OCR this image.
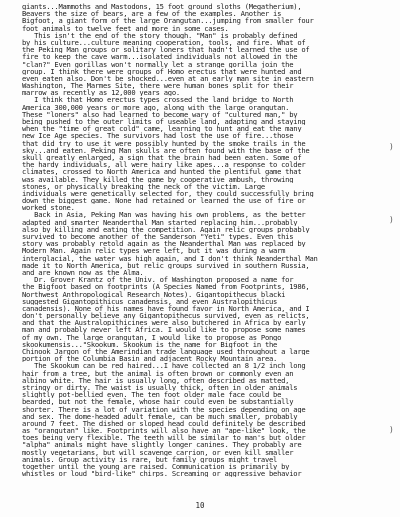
giants...Mammoths and Mastodons, 15 foot ground sloths (Megatherium),
Beavers the size of bears, are a few of the examples. Another is
Bigfoot, a giant form of the large Orangutan...jumping from smaller four
foot animals to twelve feet and more in some cases.
This isn't the end of the story though. "Man" is probably defined
by his culture...culture meaning cooperation, tools, and fire. What of
the Peking Man groups or solitary loners that hadn't learned the use of
fire to keep the cave warm...isolated individuals not allowed in the
"clan?" Even gorillas won't normally let a strange gorilla join the
group. I think there were groups of Homo erectus that were hunted and
even eaten also. Don't be shocked...even at an early man site in eastern
Washington, The Marmes Site, there were human bones split for their
marrow as recently as 12,000 years ago.
I think that Homo erectus types crossed the land bridge to North
America 300,000 years or more ago, along with the large orangutan.
These "loners" also had learned to become wary of "cultured man," by
being pushed to the outer limits of useable land, adapting and staying
when the "time of great cold" came, learning to hunt and eat the many
new Ice Age species. The survivors had lost the use of fire...those
that did try to use it were possibly hunted by the smoke trails in the
sky...and eaten. Peking Man skulls are often found with the base of the
skull greatly enlarged, a sign that the brain had been eaten. Some of
the hardy individuals, all were hairy like apes...a response to colder
climates, crossed to North America and hunted the plentiful game that
was available. They killed the game by cooperative ambush, throwing
stones, or physically breaking the neck of the victim. Large
individuals were genetically selected for, they could successfully bring
down the biggest game. None had retained or learned the use of fire or
worked stone.
Back in Asia, Peking Man was having his own problems, as the better
adapted and smarter Neanderthal Man started replacing him...probably
also by killing and eating the competition. Again relic groups probably
survived to become another of the Sanderson "Yeti" types. Even this
story was probably retold again as the Neanderthal Man was replaced by
Modern Man. Again relic types were left, but it was during a warm
interglacial, the water was high again, and I don't think Neanderthal Man
made it to North America, but relic groups survived in southern Russia,
and are known now as the Alma.
Dr. Grover Krantz of the Univ. of Washington proposed a name for
the Bigfoot based on footprints (A Species Named from Footprints, 1986,
Northwest Anthropological Research Notes). Gigantopithecus blacki
suggested Gigantopithicus canadensis, and even Australopithicus
canadensis). None of his names have found favor in North America, and I
don't personally believe any Gigantopithecus survived, even as relicts,
and that the Australopithicines were also butchered in Africa by early
man and probably never left Africa. I would like to propose some names
of my own. The large orangutan, I would like to propose as Pongo
skookumensis..."Skookum. Skookum is the name for Bigfoot in the
Chinook Jargon of the Amerindian trade language used throughout a large
portion of the Columbia Basin and adjacent Rocky Mountain area.
The Skookum can be red haired...I have collected an 8 1/2 inch long
hair from a tree, but the animal is often brown or commonly even an
albino white. The hair is usually long, often described as matted,
stringy or dirty. The waist is usually thick, often in older animals
slightly pot-bellied even. The ten foot older male face could be
bearded, but not the female, whose hair could even be substantially
shorter. There is a lot of variation with the species depending on age
and sex. The dome-headed adult female, can be much smaller, probably
around 7 feet. The dished or sloped head could definitely be described
as "orangutan" like. Footprints will also have an "ape-like" look, the
toes being very flexible. The teeth will be similar to man's but older
"alpha" animals might have slightly longer canines. They probably are
mostly vegetarians, but will scavenge carrion, or even kill smaller
animals. Group activity is rare, but family groups might travel
together until the young are raised. Communication is primarily by
whistles or loud "bird-like" chirps. Screaming or aggressive behavior
)
)
)
10
